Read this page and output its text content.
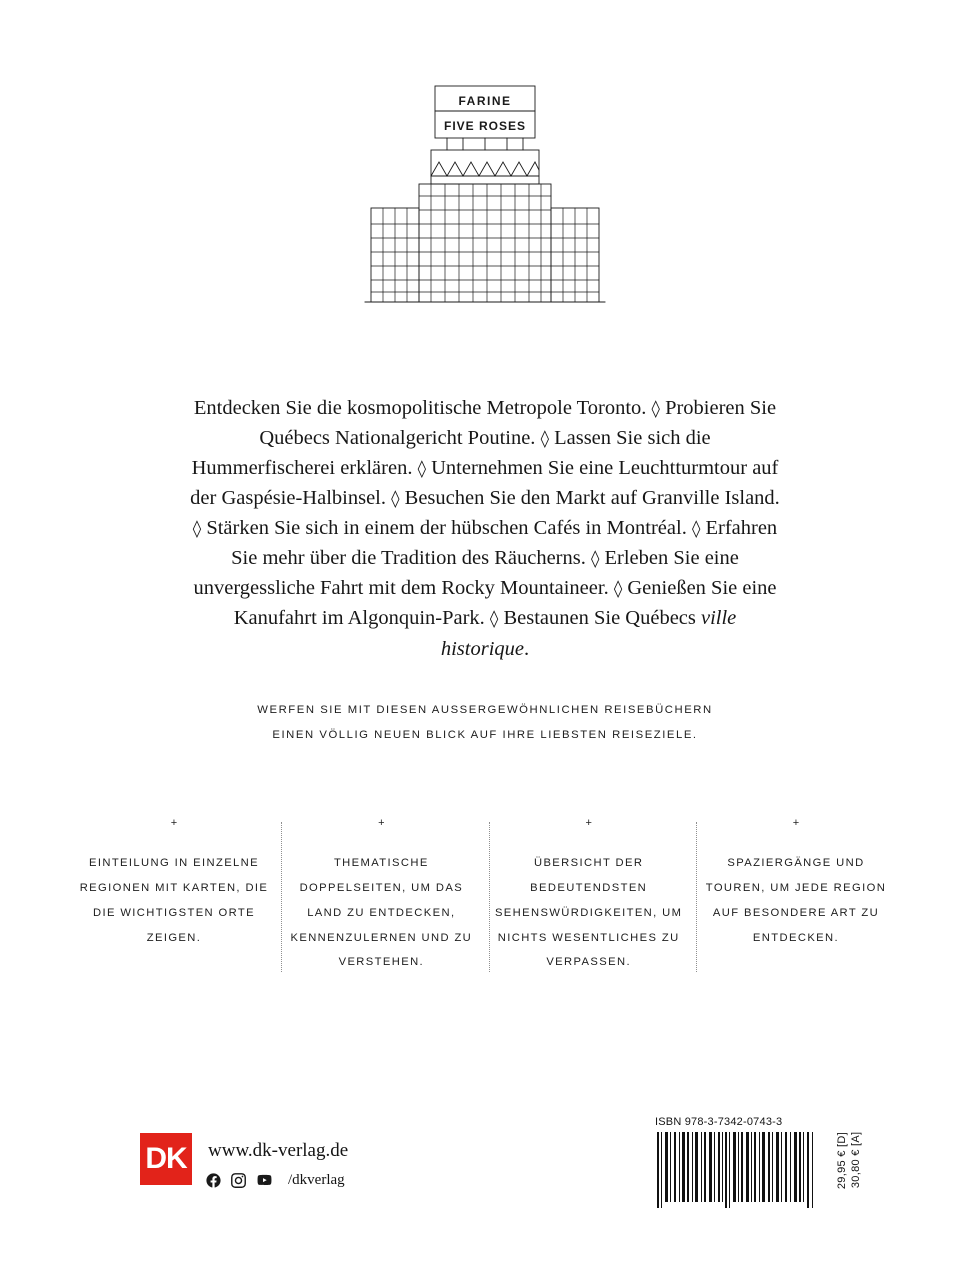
FARINE
FIVE ROSES

Entdecken Sie die kosmopolitische Metropole Toronto. ◊ Probieren Sie Québecs Nationalgericht Poutine. ◊ Lassen Sie sich die Hummerfischerei erklären. ◊ Unternehmen Sie eine Leuchtturmtour auf der Gaspésie-Halbinsel. ◊ Besuchen Sie den Markt auf Granville Island. ◊ Stärken Sie sich in einem der hübschen Cafés in Montréal. ◊ Erfahren Sie mehr über die Tradition des Räucherns. ◊ Erleben Sie eine unvergessliche Fahrt mit dem Rocky Mountaineer. ◊ Genießen Sie eine Kanufahrt im Algonquin-Park. ◊ Bestaunen Sie Québecs ville historique.

WERFEN SIE MIT DIESEN AUSSERGEWÖHNLICHEN REISEBÜCHERN
EINEN VÖLLIG NEUEN BLICK AUF IHRE LIEBSTEN REISEZIELE.
+
EINTEILUNG IN EINZELNE REGIONEN MIT KARTEN, DIE DIE WICHTIGSTEN ORTE ZEIGEN.
+
THEMATISCHE DOPPELSEITEN, UM DAS LAND ZU ENTDECKEN, KENNENZULERNEN UND ZU VERSTEHEN.
+
ÜBERSICHT DER BEDEUTENDSTEN SEHENSWÜRDIGKEITEN, UM NICHTS WESENTLICHES ZU VERPASSEN.
+
SPAZIERGÄNGE UND TOUREN, UM JEDE REGION AUF BESONDERE ART ZU ENTDECKEN.
DK www.dk-verlag.de
/dkverlag
ISBN 978-3-7342-0743-3
29,95 € [D] 30,80 € [A]
